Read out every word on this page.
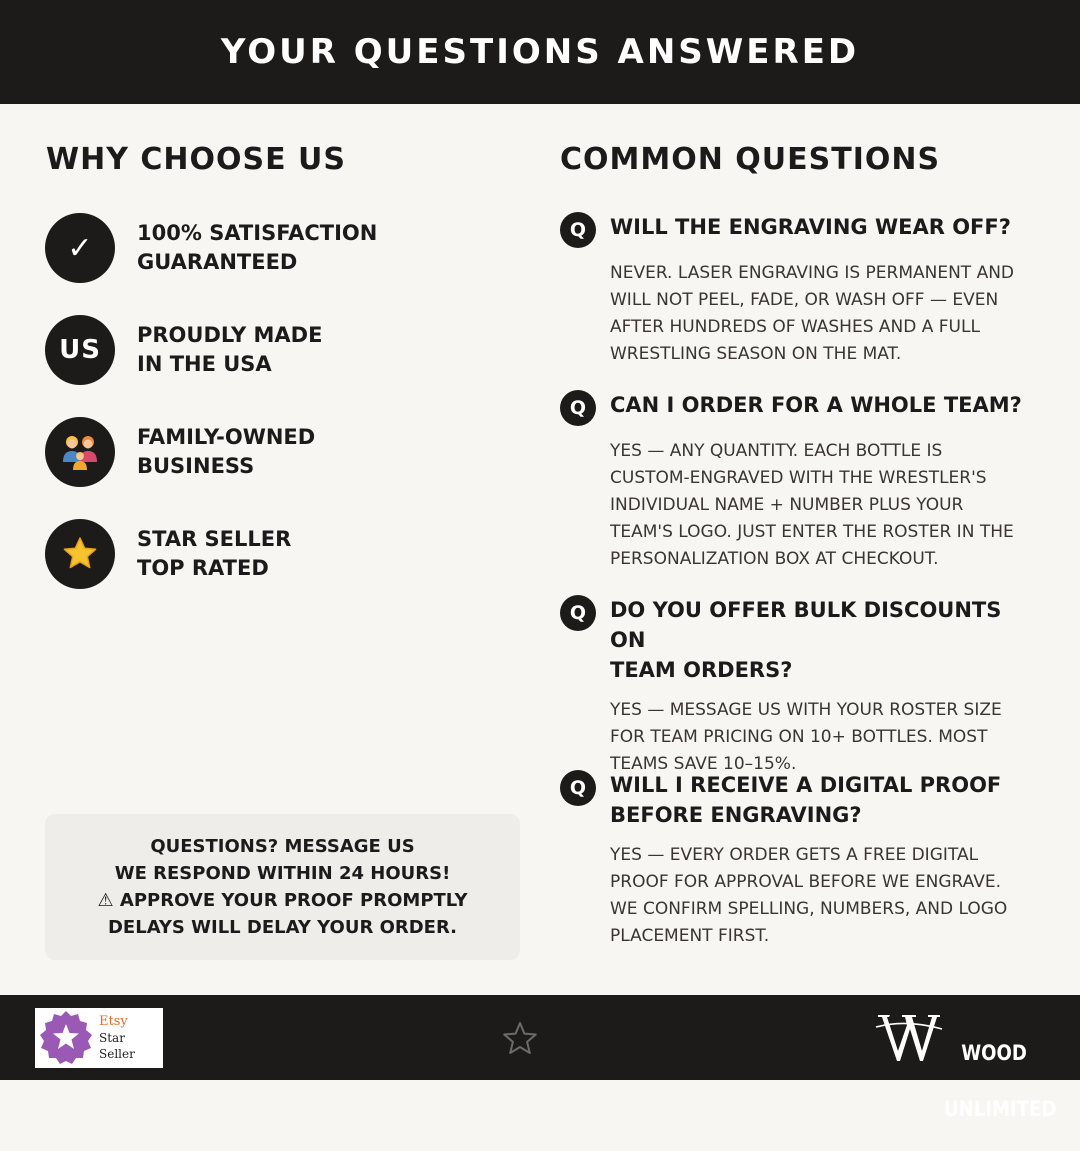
YOUR QUESTIONS ANSWERED
WHY CHOOSE US
✓ 100% SATISFACTION
GUARANTEED
US PROUDLY MADE
IN THE USA
FAMILY-OWNED
BUSINESS
STAR SELLER
TOP RATED
QUESTIONS? MESSAGE US
WE RESPOND WITHIN 24 HOURS!
⚠ APPROVE YOUR PROOF PROMPTLY
DELAYS WILL DELAY YOUR ORDER.
COMMON QUESTIONS
Q	WILL THE ENGRAVING WEAR OFF?
NEVER. LASER ENGRAVING IS PERMANENT AND
WILL NOT PEEL, FADE, OR WASH OFF — EVEN
AFTER HUNDREDS OF WASHES AND A FULL
WRESTLING SEASON ON THE MAT.
Q	CAN I ORDER FOR A WHOLE TEAM?
YES — ANY QUANTITY. EACH BOTTLE IS
CUSTOM-ENGRAVED WITH THE WRESTLER'S
INDIVIDUAL NAME + NUMBER PLUS YOUR
TEAM'S LOGO. JUST ENTER THE ROSTER IN THE
PERSONALIZATION BOX AT CHECKOUT.
Q	DO YOU OFFER BULK DISCOUNTS ON
TEAM ORDERS?
YES — MESSAGE US WITH YOUR ROSTER SIZE
FOR TEAM PRICING ON 10+ BOTTLES. MOST
TEAMS SAVE 10–15%.
Q	WILL I RECEIVE A DIGITAL PROOF
BEFORE ENGRAVING?
YES — EVERY ORDER GETS A FREE DIGITAL
PROOF FOR APPROVAL BEFORE WE ENGRAVE.
WE CONFIRM SPELLING, NUMBERS, AND LOGO
PLACEMENT FIRST.
Etsy
Star Seller	WOOD

UNLIMITED
